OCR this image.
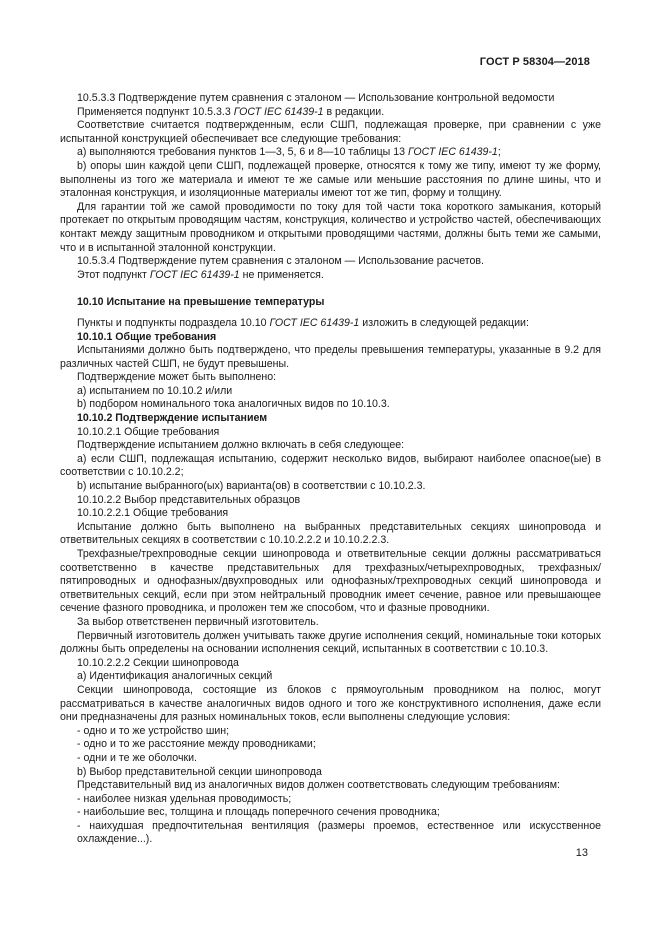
ГОСТ Р 58304—2018

10.5.3.3 Подтверждение путем сравнения с эталоном — Использование контрольной ведомости

Применяется подпункт 10.5.3.3 ГОСТ IEC 61439-1 в редакции.

Соответствие считается подтвержденным, если СШП, подлежащая проверке, при сравнении с уже испытанной конструкцией обеспечивает все следующие требования:

a) выполняются требования пунктов 1—3, 5, 6 и 8—10 таблицы 13 ГОСТ IEC 61439-1;

b) опоры шин каждой цепи СШП, подлежащей проверке, относятся к тому же типу, имеют ту же форму, выполнены из того же материала и имеют те же самые или меньшие расстояния по длине шины, что и эталонная конструкция, и изоляционные материалы имеют тот же тип, форму и толщину.

Для гарантии той же самой проводимости по току для той части тока короткого замыкания, который протекает по открытым проводящим частям, конструкция, количество и устройство частей, обеспечивающих контакт между защитным проводником и открытыми проводящими частями, должны быть теми же самыми, что и в испытанной эталонной конструкции.

10.5.3.4 Подтверждение путем сравнения с эталоном — Использование расчетов.

Этот подпункт ГОСТ IEC 61439-1 не применяется.

10.10 Испытание на превышение температуры

Пункты и подпункты подраздела 10.10 ГОСТ IEC 61439-1 изложить в следующей редакции:

10.10.1 Общие требования

Испытаниями должно быть подтверждено, что пределы превышения температуры, указанные в 9.2 для различных частей СШП, не будут превышены.

Подтверждение может быть выполнено:

a) испытанием по 10.10.2 и/или

b) подбором номинального тока аналогичных видов по 10.10.3.

10.10.2 Подтверждение испытанием

10.10.2.1 Общие требования

Подтверждение испытанием должно включать в себя следующее:

a) если СШП, подлежащая испытанию, содержит несколько видов, выбирают наиболее опасное(ые) в соответствии с 10.10.2.2;

b) испытание выбранного(ых) варианта(ов) в соответствии с 10.10.2.3.

10.10.2.2 Выбор представительных образцов

10.10.2.2.1 Общие требования

Испытание должно быть выполнено на выбранных представительных секциях шинопровода и ответвительных секциях в соответствии с 10.10.2.2.2 и 10.10.2.2.3.

Трехфазные/трехпроводные секции шинопровода и ответвительные секции должны рассматриваться соответственно в качестве представительных для трехфазных/четырехпроводных, трехфазных/пятипроводных и однофазных/двухпроводных или однофазных/трехпроводных секций шинопровода и ответвительных секций, если при этом нейтральный проводник имеет сечение, равное или превышающее сечение фазного проводника, и проложен тем же способом, что и фазные проводники.

За выбор ответственен первичный изготовитель.

Первичный изготовитель должен учитывать также другие исполнения секций, номинальные токи которых должны быть определены на основании исполнения секций, испытанных в соответствии с 10.10.3.

10.10.2.2.2 Секции шинопровода

a) Идентификация аналогичных секций

Секции шинопровода, состоящие из блоков с прямоугольным проводником на полюс, могут рассматриваться в качестве аналогичных видов одного и того же конструктивного исполнения, даже если они предназначены для разных номинальных токов, если выполнены следующие условия:

- одно и то же устройство шин;

- одно и то же расстояние между проводниками;

- одни и те же оболочки.

b) Выбор представительной секции шинопровода

Представительный вид из аналогичных видов должен соответствовать следующим требованиям:

- наиболее низкая удельная проводимость;

- наибольшие вес, толщина и площадь поперечного сечения проводника;

- наихудшая предпочтительная вентиляция (размеры проемов, естественное или искусственное охлаждение...).

13
